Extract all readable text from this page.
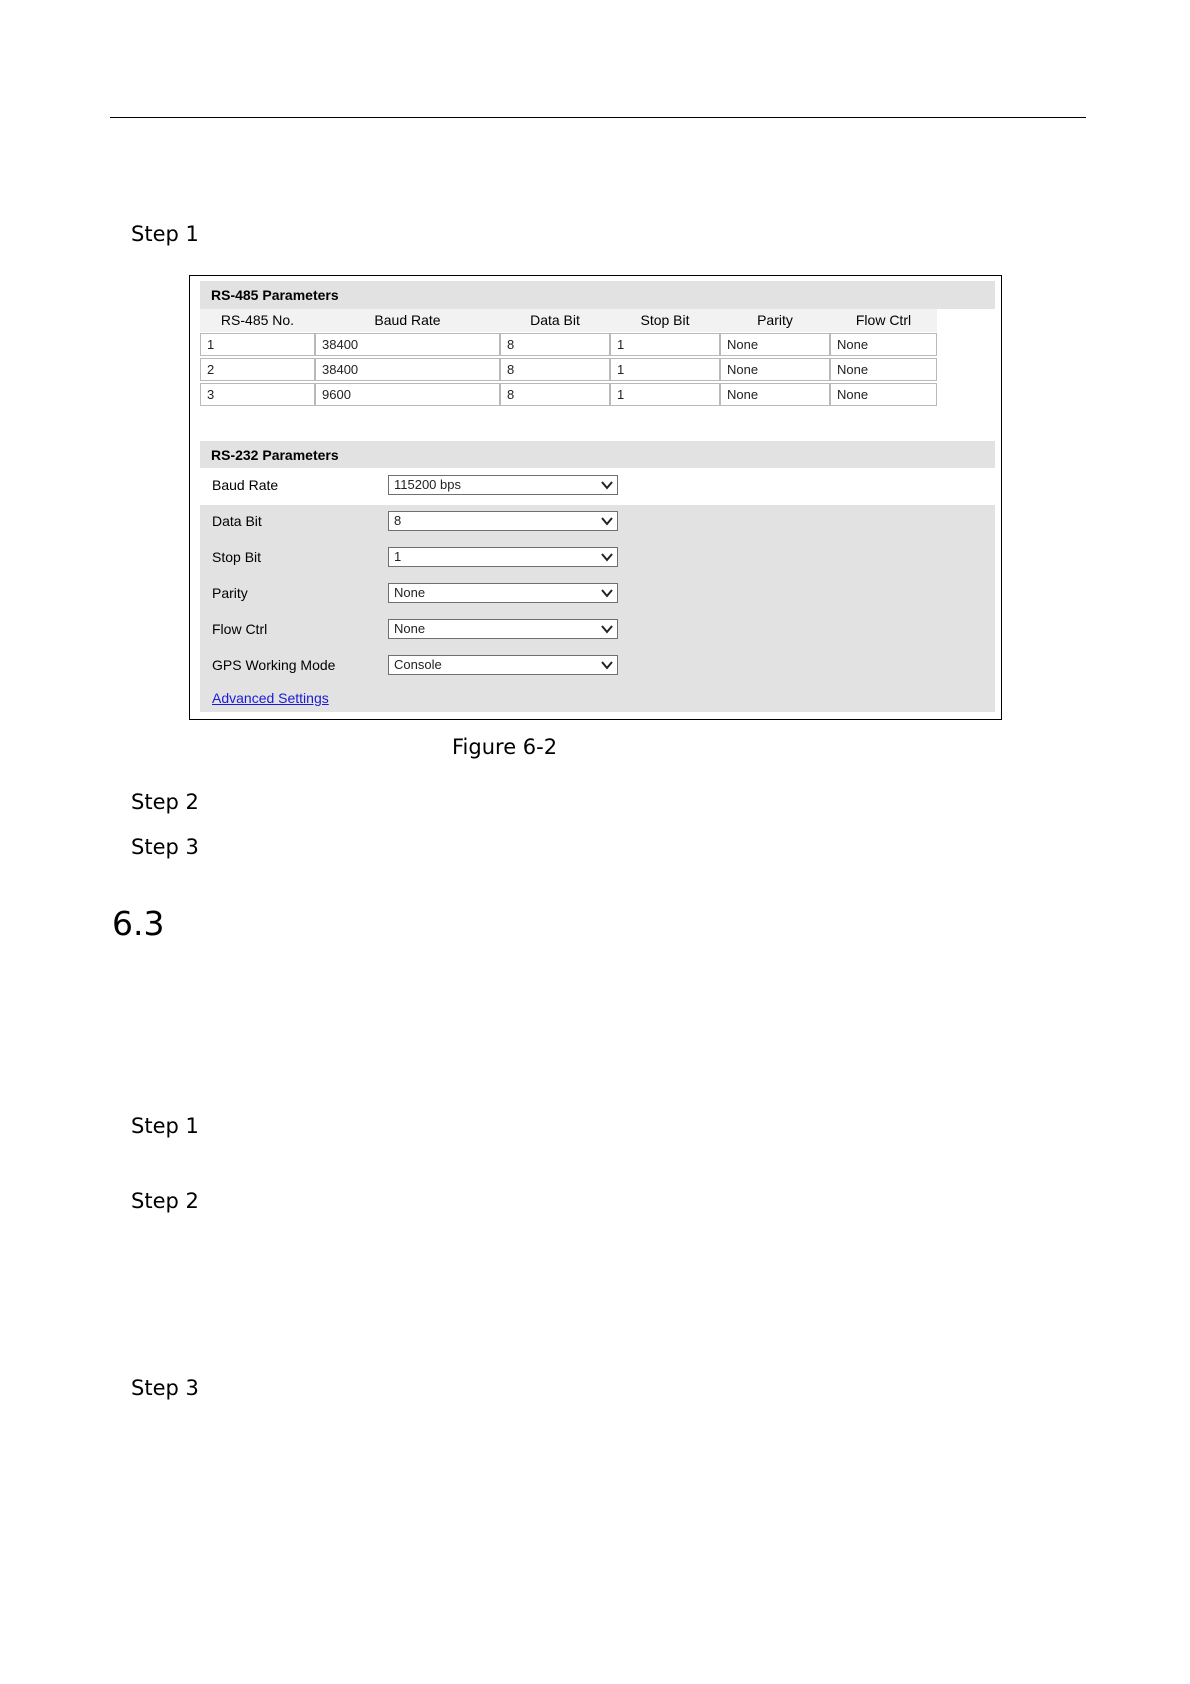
Step 1
RS-485 Parameters
RS-485 No.	Baud Rate	Data Bit	Stop Bit	Parity	Flow Ctrl
1	38400	8	1	None	None
2	38400	8	1	None	None
3	9600	8	1	None	None
RS-232 Parameters
Baud Rate	115200 bps
Data Bit	8
Stop Bit	1
Parity	None
Flow Ctrl	None
GPS Working Mode	Console
Advanced Settings
Figure 6-2
Step 2
Step 3
6.3
Step 1
Step 2
Step 3
